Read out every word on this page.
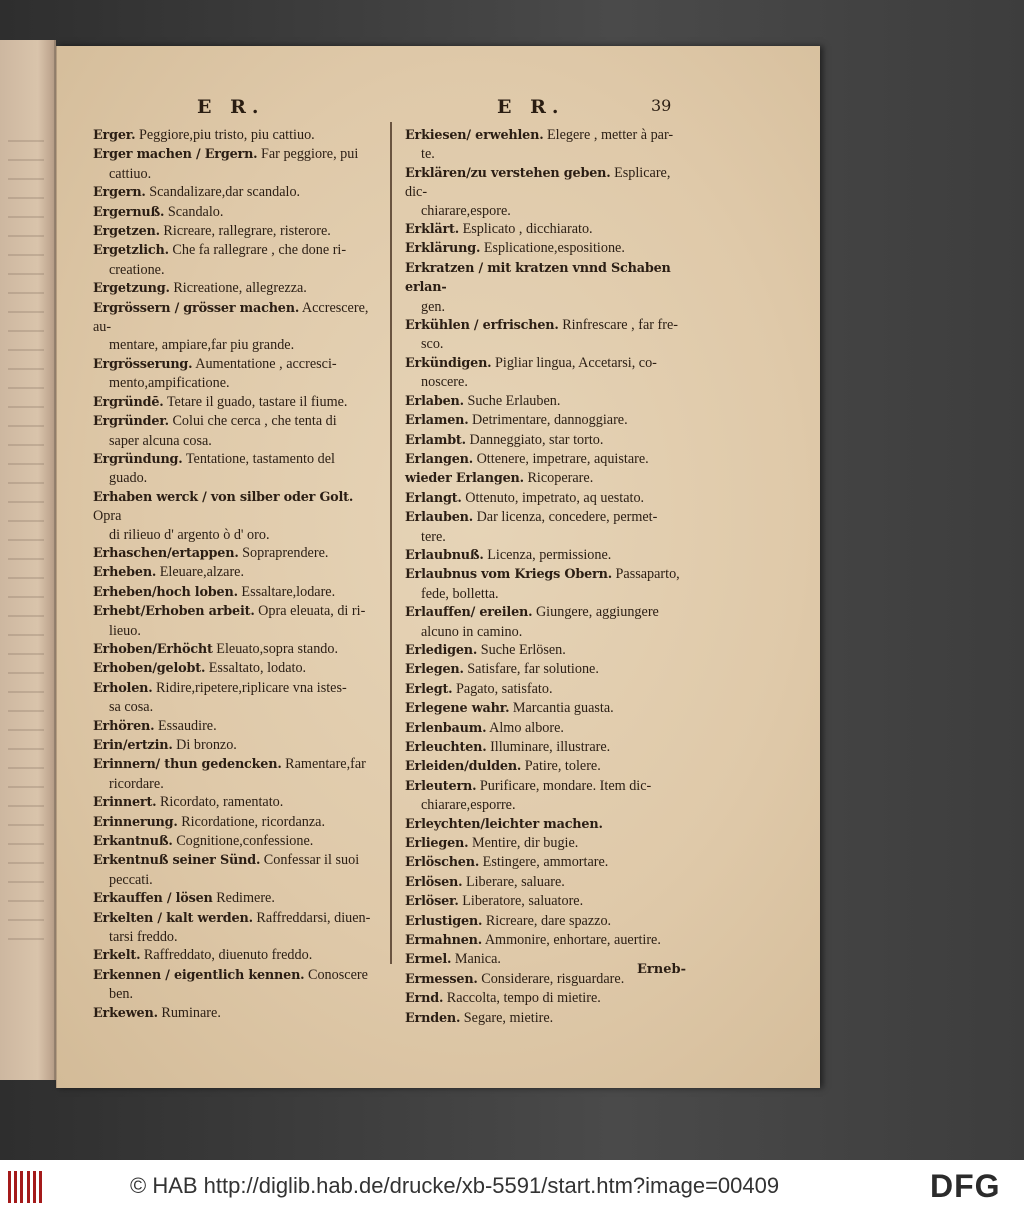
E R.	E R.	39
Erger. Peggiore,piu tristo, piu cattiuo.
Erger machen / Ergern. Far peggiore, pui
cattiuo.
Ergern. Scandalizare,dar scandalo.
Ergernuß. Scandalo.
Ergetzen. Ricreare, rallegrare, risterore.
Ergetzlich. Che fa rallegrare , che done ri-
creatione.
Ergetzung. Ricreatione, allegrezza.
Ergrössern / grösser machen. Accrescere, au-
mentare, ampiare,far piu grande.
Ergrösserung. Aumentatione , accresci-
mento,ampificatione.
Ergründē. Tetare il guado, tastare il fiume.
Ergründer. Colui che cerca , che tenta di
saper alcuna cosa.
Ergründung. Tentatione, tastamento del
guado.
Erhaben werck / von silber oder Golt. Opra
di rilieuo d' argento ò d' oro.
Erhaschen/ertappen. Sopraprendere.
Erheben. Eleuare,alzare.
Erheben/hoch loben. Essaltare,lodare.
Erhebt/Erhoben arbeit. Opra eleuata, di ri-
lieuo.
Erhoben/Erhöcht Eleuato,sopra stando.
Erhoben/gelobt. Essaltato, lodato.
Erholen. Ridire,ripetere,riplicare vna istes-
sa cosa.
Erhören. Essaudire.
Erin/ertzin. Di bronzo.
Erinnern/ thun gedencken. Ramentare,far
ricordare.
Erinnert. Ricordato, ramentato.
Erinnerung. Ricordatione, ricordanza.
Erkantnuß. Cognitione,confessione.
Erkentnuß seiner Sünd. Confessar il suoi
peccati.
Erkauffen / lösen Redimere.
Erkelten / kalt werden. Raffreddarsi, diuen-
tarsi freddo.
Erkelt. Raffreddato, diuenuto freddo.
Erkennen / eigentlich kennen. Conoscere
ben.
Erkewen. Ruminare.
Erkiesen/ erwehlen. Elegere , metter à par-
te.
Erklären/zu verstehen geben. Esplicare, dic-
chiarare,espore.
Erklärt. Esplicato , dicchiarato.
Erklärung. Esplicatione,espositione.
Erkratzen / mit kratzen vnnd Schaben erlan-
gen.
Erkühlen / erfrischen. Rinfrescare , far fre-
sco.
Erkündigen. Pigliar lingua, Accetarsi, co-
noscere.
Erlaben. Suche Erlauben.
Erlamen. Detrimentare, dannoggiare.
Erlambt. Danneggiato, star torto.
Erlangen. Ottenere, impetrare, aquistare.
wieder Erlangen. Ricoperare.
Erlangt. Ottenuto, impetrato, aq uestato.
Erlauben. Dar licenza, concedere, permet-
tere.
Erlaubnuß. Licenza, permissione.
Erlaubnus vom Kriegs Obern. Passaparto,
fede, bolletta.
Erlauffen/ ereilen. Giungere, aggiungere
alcuno in camino.
Erledigen. Suche Erlösen.
Erlegen. Satisfare, far solutione.
Erlegt. Pagato, satisfato.
Erlegene wahr. Marcantia guasta.
Erlenbaum. Almo albore.
Erleuchten. Illuminare, illustrare.
Erleiden/dulden. Patire, tolere.
Erleutern. Purificare, mondare. Item dic-
chiarare,esporre.
Erleychten/leichter machen.
Erliegen. Mentire, dir bugie.
Erlöschen. Estingere, ammortare.
Erlösen. Liberare, saluare.
Erlöser. Liberatore, saluatore.
Erlustigen. Ricreare, dare spazzo.
Ermahnen. Ammonire, enhortare, auertire.
Ermel. Manica.
Ermessen. Considerare, risguardare.
Ernd. Raccolta, tempo di mietire.
Ernden. Segare, mietire.
Erneb-
© HAB http://diglib.hab.de/drucke/xb-5591/start.htm?image=00409	DFG
